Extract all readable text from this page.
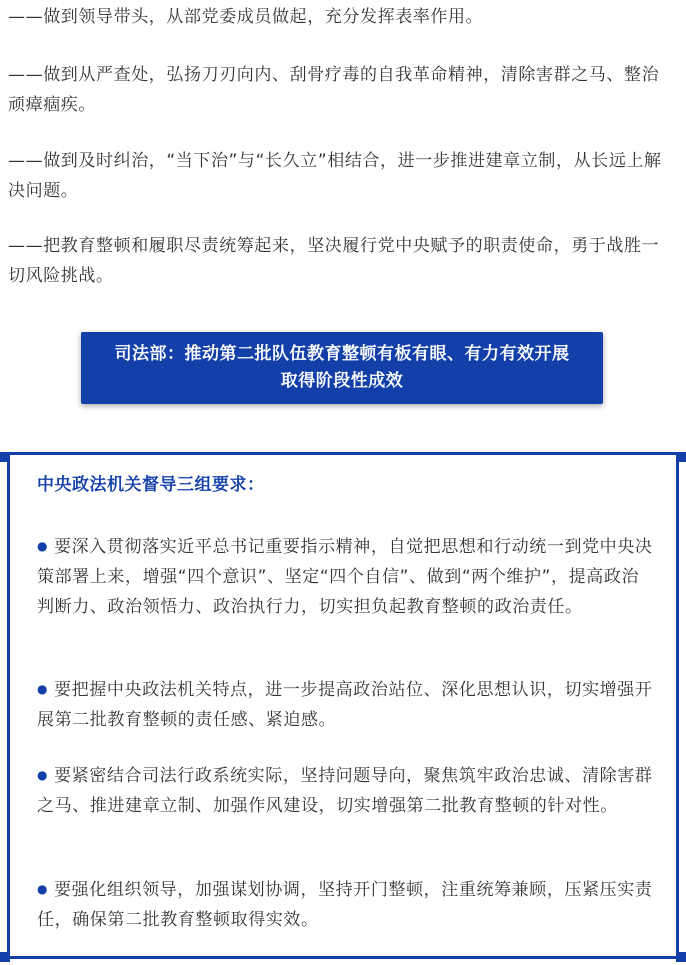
——做到领导带头，从部党委成员做起，充分发挥表率作用。

——做到从严查处，弘扬刀刃向内、刮骨疗毒的自我革命精神，清除害群之马、整治顽瘴痼疾。

——做到及时纠治，“当下治”与“长久立”相结合，进一步推进建章立制，从长远上解决问题。

——把教育整顿和履职尽责统筹起来，坚决履行党中央赋予的职责使命，勇于战胜一切风险挑战。

司法部：推动第二批队伍教育整顿有板有眼、有力有效开展
取得阶段性成效
中央政法机关督导三组要求：

● 要深入贯彻落实近平总书记重要指示精神，自觉把思想和行动统一到党中央决策部署上来，增强“四个意识”、坚定“四个自信”、做到“两个维护”，提高政治判断力、政治领悟力、政治执行力，切实担负起教育整顿的政治责任。

● 要把握中央政法机关特点，进一步提高政治站位、深化思想认识，切实增强开展第二批教育整顿的责任感、紧迫感。

● 要紧密结合司法行政系统实际，坚持问题导向，聚焦筑牢政治忠诚、清除害群之马、推进建章立制、加强作风建设，切实增强第二批教育整顿的针对性。

● 要强化组织领导，加强谋划协调，坚持开门整顿，注重统筹兼顾，压紧压实责任，确保第二批教育整顿取得实效。
